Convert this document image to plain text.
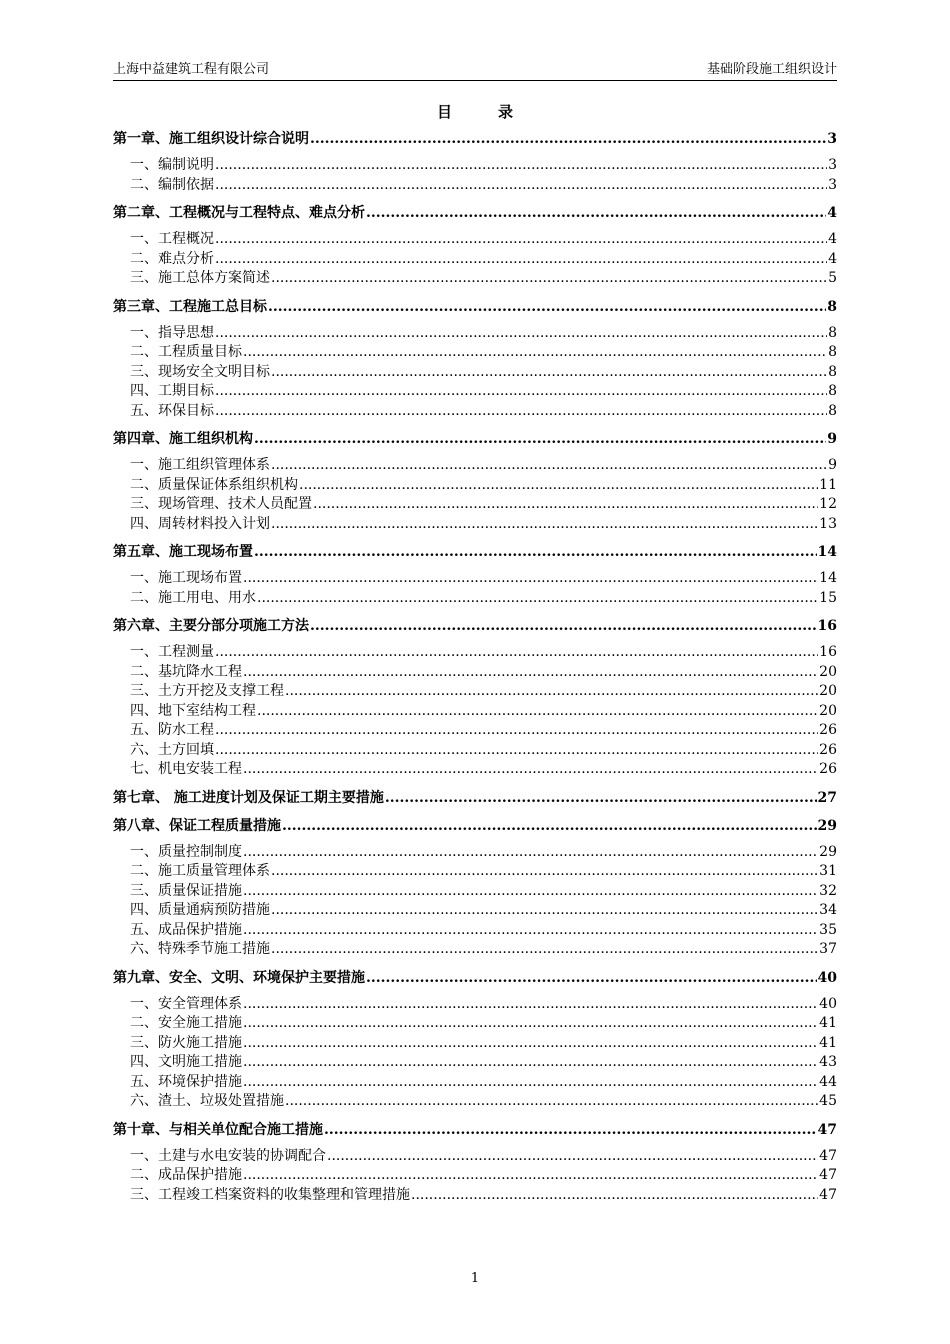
上海中益建筑工程有限公司	基础阶段施工组织设计
目录
第一章、施工组织设计综合说明 .....	3
一、编制说明 .....	3
二、编制依据 .....	3
第二章、工程概况与工程特点、难点分析 .....	4
一、工程概况 .....	4
二、难点分析 .....	4
三、施工总体方案简述 .....	5
第三章、工程施工总目标 .....	8
一、指导思想 .....	8
二、工程质量目标 .....	8
三、现场安全文明目标 .....	8
四、工期目标 .....	8
五、环保目标 .....	8
第四章、施工组织机构 .....	9
一、施工组织管理体系 .....	9
二、质量保证体系组织机构 .....	11
三、现场管理、技术人员配置 .....	12
四、周转材料投入计划 .....	13
第五章、施工现场布置 .....	14
一、施工现场布置 .....	14
二、施工用电、用水 .....	15
第六章、主要分部分项施工方法 .....	16
一、工程测量 .....	16
二、基坑降水工程 .....	20
三、土方开挖及支撑工程 .....	20
四、地下室结构工程 .....	20
五、防水工程 .....	26
六、土方回填 .....	26
七、机电安装工程 .....	26
第七章、 施工进度计划及保证工期主要措施 .....	27
第八章、保证工程质量措施 .....	29
一、质量控制制度 .....	29
二、施工质量管理体系 .....	31
三、质量保证措施 .....	32
四、质量通病预防措施 .....	34
五、成品保护措施 .....	35
六、特殊季节施工措施 .....	37
第九章、安全、文明、环境保护主要措施 .....	40
一、安全管理体系 .....	40
二、安全施工措施 .....	41
三、防火施工措施 .....	41
四、文明施工措施 .....	43
五、环境保护措施 .....	44
六、渣土、垃圾处置措施 .....	45
第十章、与相关单位配合施工措施 .....	47
一、土建与水电安装的协调配合 .....	47
二、成品保护措施 .....	47
三、工程竣工档案资料的收集整理和管理措施 .....	47
1
